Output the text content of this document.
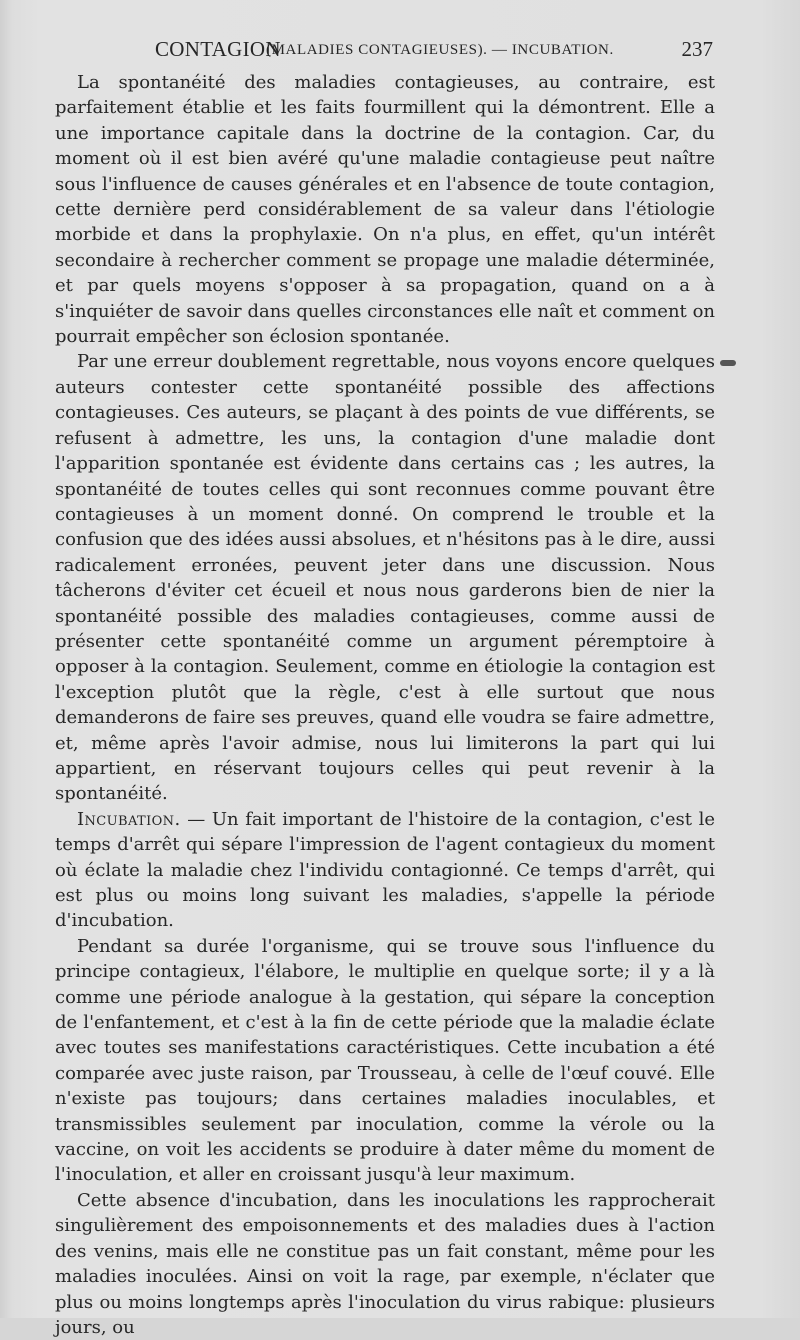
CONTAGION
(MALADIES CONTAGIEUSES). — INCUBATION.	237

La spontanéité des maladies contagieuses, au contraire, est parfaitement établie et les faits fourmillent qui la démontrent. Elle a une importance capitale dans la doctrine de la contagion. Car, du moment où il est bien avéré qu'une maladie contagieuse peut naître sous l'influence de causes générales et en l'absence de toute contagion, cette dernière perd considérablement de sa valeur dans l'étiologie morbide et dans la prophylaxie. On n'a plus, en effet, qu'un intérêt secondaire à rechercher comment se propage une maladie déterminée, et par quels moyens s'opposer à sa propagation, quand on a à s'inquiéter de savoir dans quelles circonstances elle naît et comment on pourrait empêcher son éclosion spontanée.

Par une erreur doublement regrettable, nous voyons encore quelques auteurs contester cette spontanéité possible des affections contagieuses. Ces auteurs, se plaçant à des points de vue différents, se refusent à admettre, les uns, la contagion d'une maladie dont l'apparition spontanée est évidente dans certains cas ; les autres, la spontanéité de toutes celles qui sont reconnues comme pouvant être contagieuses à un moment donné. On comprend le trouble et la confusion que des idées aussi absolues, et n'hésitons pas à le dire, aussi radicalement erronées, peuvent jeter dans une discussion. Nous tâcherons d'éviter cet écueil et nous nous garderons bien de nier la spontanéité possible des maladies contagieuses, comme aussi de présenter cette spontanéité comme un argument péremptoire à opposer à la contagion. Seulement, comme en étiologie la contagion est l'exception plutôt que la règle, c'est à elle surtout que nous demanderons de faire ses preuves, quand elle voudra se faire admettre, et, même après l'avoir admise, nous lui limiterons la part qui lui appartient, en réservant toujours celles qui peut revenir à la spontanéité.

Incubation. — Un fait important de l'histoire de la contagion, c'est le temps d'arrêt qui sépare l'impression de l'agent contagieux du moment où éclate la maladie chez l'individu contagionné. Ce temps d'arrêt, qui est plus ou moins long suivant les maladies, s'appelle la période d'incubation.

Pendant sa durée l'organisme, qui se trouve sous l'influence du principe contagieux, l'élabore, le multiplie en quelque sorte; il y a là comme une période analogue à la gestation, qui sépare la conception de l'enfantement, et c'est à la fin de cette période que la maladie éclate avec toutes ses manifestations caractéristiques. Cette incubation a été comparée avec juste raison, par Trousseau, à celle de l'œuf couvé. Elle n'existe pas toujours; dans certaines maladies inoculables, et transmissibles seulement par inoculation, comme la vérole ou la vaccine, on voit les accidents se produire à dater même du moment de l'inoculation, et aller en croissant jusqu'à leur maximum.

Cette absence d'incubation, dans les inoculations les rapprocherait singulièrement des empoisonnements et des maladies dues à l'action des venins, mais elle ne constitue pas un fait constant, même pour les maladies inoculées. Ainsi on voit la rage, par exemple, n'éclater que plus ou moins longtemps après l'inoculation du virus rabique: plusieurs jours, ou
